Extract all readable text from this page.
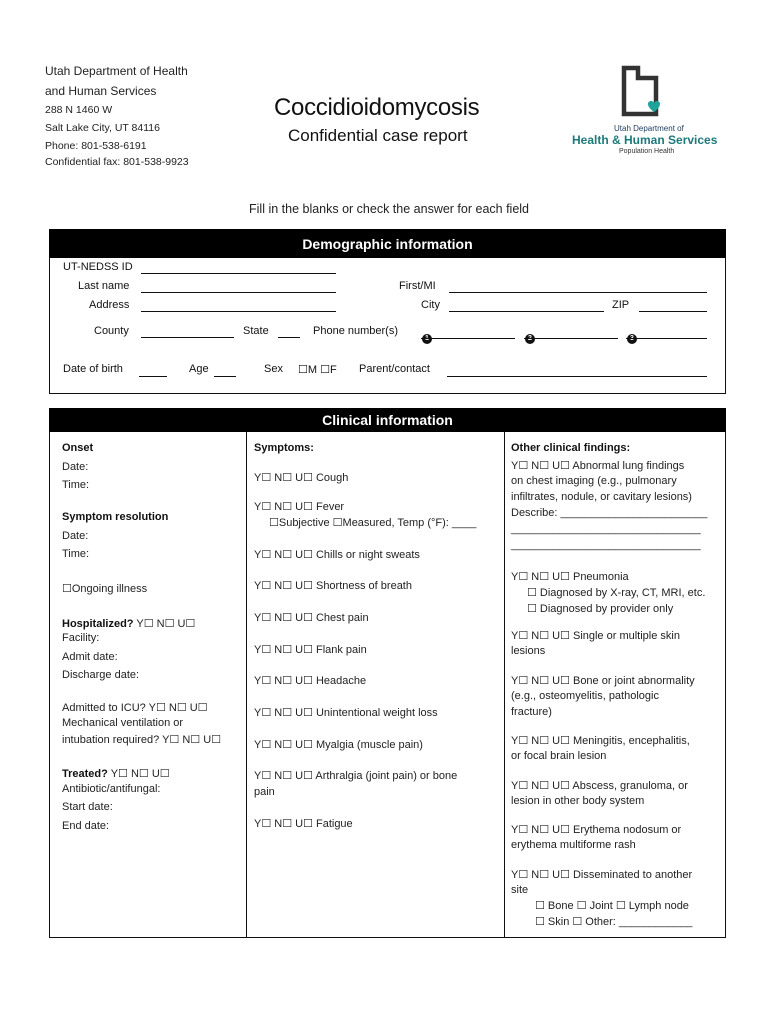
Utah Department of Health
and Human Services
288 N 1460 W
Salt Lake City, UT 84116
Phone: 801-538-6191
Confidential fax: 801-538-9923
Coccidioidomycosis
Confidential case report	Utah Department of
Health & Human Services
Population Health
Fill in the blanks or check the answer for each field
Demographic information
UT-NEDSS ID
Last name	First/MI
Address	City	ZIP
County	State	Phone number(s)
1	2	3
Date of birth	Age	Sex ☐M ☐F Parent/contact
Clinical information
Onset
Date:
Time:
Symptom resolution
Date:
Time:
☐Ongoing illness
Hospitalized? Y☐ N☐ U☐
Facility:
Admit date:
Discharge date:
Admitted to ICU? Y☐ N☐ U☐
Mechanical ventilation or
intubation required? Y☐ N☐ U☐
Treated? Y☐ N☐ U☐
Antibiotic/antifungal:
Start date:
End date:
Symptoms:
Y☐ N☐ U☐ Cough
Y☐ N☐ U☐ Fever
☐Subjective ☐Measured, Temp (°F): ____
Y☐ N☐ U☐ Chills or night sweats
Y☐ N☐ U☐ Shortness of breath
Y☐ N☐ U☐ Chest pain
Y☐ N☐ U☐ Flank pain
Y☐ N☐ U☐ Headache
Y☐ N☐ U☐ Unintentional weight loss
Y☐ N☐ U☐ Myalgia (muscle pain)
Y☐ N☐ U☐ Arthralgia (joint pain) or bone
pain
Y☐ N☐ U☐ Fatigue
Other clinical findings:
Y☐ N☐ U☐ Abnormal lung findings
on chest imaging (e.g., pulmonary
infiltrates, nodule, or cavitary lesions)
Describe: ________________________
_______________________________
_______________________________
Y☐ N☐ U☐ Pneumonia
☐ Diagnosed by X-ray, CT, MRI, etc.
☐ Diagnosed by provider only
Y☐ N☐ U☐ Single or multiple skin
lesions
Y☐ N☐ U☐ Bone or joint abnormality
(e.g., osteomyelitis, pathologic
fracture)
Y☐ N☐ U☐ Meningitis, encephalitis,
or focal brain lesion
Y☐ N☐ U☐ Abscess, granuloma, or
lesion in other body system
Y☐ N☐ U☐ Erythema nodosum or
erythema multiforme rash
Y☐ N☐ U☐ Disseminated to another
site
☐ Bone ☐ Joint ☐ Lymph node
☐ Skin ☐ Other: ____________
